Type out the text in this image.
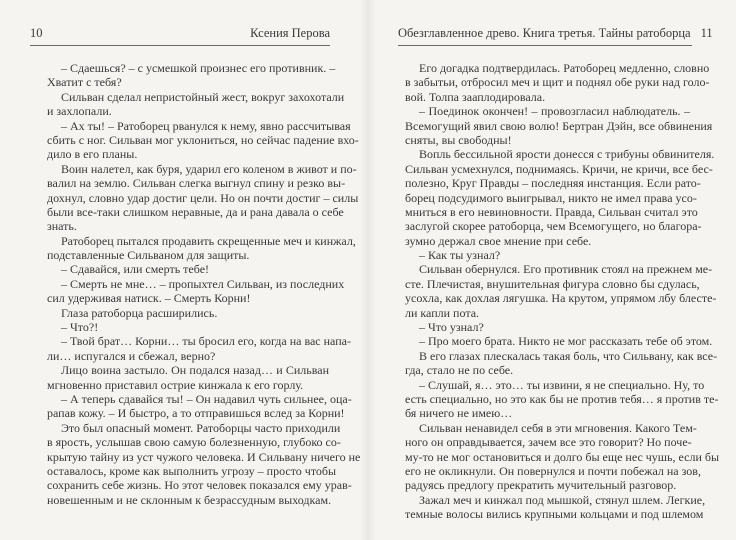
10	Ксения Перова
– Сдаешься? – с усмешкой произнес его противник. –
Хватит с тебя?
Сильван сделал непристойный жест, вокруг захохотали
и захлопали.
– Ах ты! – Ратоборец рванулся к нему, явно рассчитывая
сбить с ног. Сильван мог уклониться, но сейчас падение вхо-
дило в его планы.
Воин налетел, как буря, ударил его коленом в живот и по-
валил на землю. Сильван слегка выгнул спину и резко вы-
дохнул, словно удар достиг цели. Но он почти достиг – силы
были все-таки слишком неравные, да и рана давала о себе
знать.
Ратоборец пытался продавить скрещенные меч и кинжал,
подставленные Сильваном для защиты.
– Сдавайся, или смерть тебе!
– Смерть не мне… – пропыхтел Сильван, из последних
сил удерживая натиск. – Смерть Корни!
Глаза ратоборца расширились.
– Что?!
– Твой брат… Корни… ты бросил его, когда на вас напа-
ли… испугался и сбежал, верно?
Лицо воина застыло. Он подался назад… и Сильван
мгновенно приставил острие кинжала к его горлу.
– А теперь сдавайся ты! – Он надавил чуть сильнее, оца-
рапав кожу. – И быстро, а то отправишься вслед за Корни!
Это был опасный момент. Ратоборцы часто приходили
в ярость, услышав свою самую болезненную, глубоко со-
крытую тайну из уст чужого человека. И Сильвану ничего не
оставалось, кроме как выполнить угрозу – просто чтобы
сохранить себе жизнь. Но этот человек показался ему урав-
новешенным и не склонным к безрассудным выходкам.
Обезглавленное древо. Книга третья. Тайны ратоборца 11
Его догадка подтвердилась. Ратоборец медленно, словно
в забытьи, отбросил меч и щит и поднял обе руки над голо-
вой. Толпа зааплодировала.
– Поединок окончен! – провозгласил наблюдатель. –
Всемогущий явил свою волю! Бертран Дэйн, все обвинения
сняты, вы свободны!
Вопль бессильной ярости донесся с трибуны обвинителя.
Сильван усмехнулся, поднимаясь. Кричи, не кричи, все бес-
полезно, Круг Правды – последняя инстанция. Если рато-
борец подсудимого выигрывал, никто не имел права усо-
мниться в его невиновности. Правда, Сильван считал это
заслугой скорее ратоборца, чем Всемогущего, но благора-
зумно держал свое мнение при себе.
– Как ты узнал?
Сильван обернулся. Его противник стоял на прежнем ме-
сте. Плечистая, внушительная фигура словно бы сдулась,
усохла, как дохлая лягушка. На крутом, упрямом лбу блесте-
ли капли пота.
– Что узнал?
– Про моего брата. Никто не мог рассказать тебе об этом.
В его глазах плескалась такая боль, что Сильвану, как все-
гда, стало не по себе.
– Слушай, я… это… ты извини, я не специально. Ну, то
есть специально, но это как бы не против тебя… я против те-
бя ничего не имею…
Сильван ненавидел себя в эти мгновения. Какого Тем-
ного он оправдывается, зачем все это говорит? Но поче-
му-то не мог остановиться и долго бы еще нес чушь, если бы
его не окликнули. Он повернулся и почти побежал на зов,
радуясь предлогу прекратить мучительный разговор.
Зажал меч и кинжал под мышкой, стянул шлем. Легкие,
темные волосы вились крупными кольцами и под шлемом
